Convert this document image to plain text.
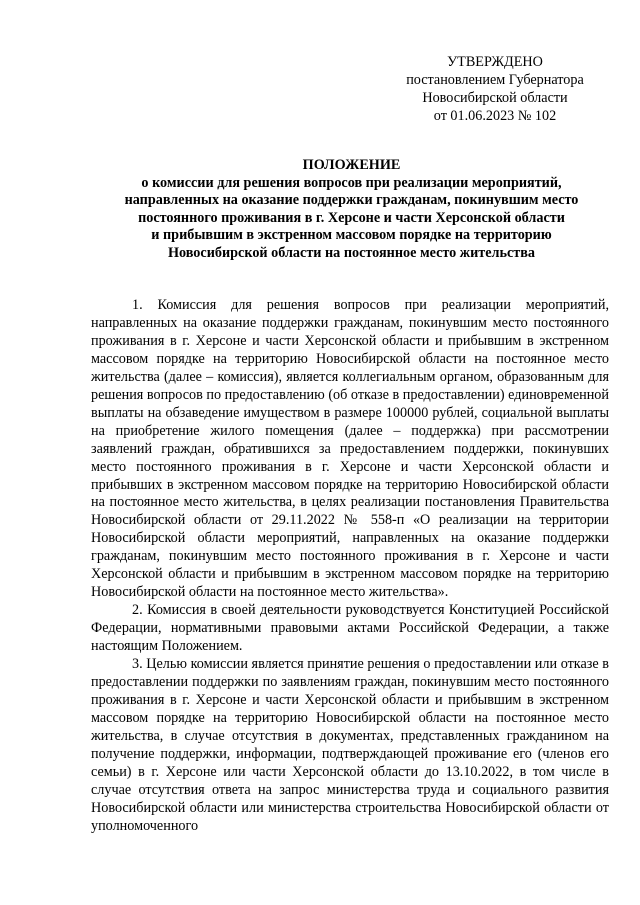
УТВЕРЖДЕНО
постановлением Губернатора
Новосибирской области
от 01.06.2023 № 102
ПОЛОЖЕНИЕ
о комиссии для решения вопросов при реализации мероприятий,
направленных на оказание поддержки гражданам, покинувшим место
постоянного проживания в г. Херсоне и части Херсонской области
и прибывшим в экстренном массовом порядке на территорию
Новосибирской области на постоянное место жительства

1. Комиссия для решения вопросов при реализации мероприятий, направленных на оказание поддержки гражданам, покинувшим место постоянного проживания в г. Херсоне и части Херсонской области и прибывшим в экстренном массовом порядке на территорию Новосибирской области на постоянное место жительства (далее – комиссия), является коллегиальным органом, образованным для решения вопросов по предоставлению (об отказе в предоставлении) единовременной выплаты на обзаведение имуществом в размере 100000 рублей, социальной выплаты на приобретение жилого помещения (далее – поддержка) при рассмотрении заявлений граждан, обратившихся за предоставлением поддержки, покинувших место постоянного проживания в г. Херсоне и части Херсонской области и прибывших в экстренном массовом порядке на территорию Новосибирской области на постоянное место жительства, в целях реализации постановления Правительства Новосибирской области от 29.11.2022 № 558-п «О реализации на территории Новосибирской области мероприятий, направленных на оказание поддержки гражданам, покинувшим место постоянного проживания в г. Херсоне и части Херсонской области и прибывшим в экстренном массовом порядке на территорию Новосибирской области на постоянное место жительства».

2. Комиссия в своей деятельности руководствуется Конституцией Российской Федерации, нормативными правовыми актами Российской Федерации, а также настоящим Положением.

3. Целью комиссии является принятие решения о предоставлении или отказе в предоставлении поддержки по заявлениям граждан, покинувшим место постоянного проживания в г. Херсоне и части Херсонской области и прибывшим в экстренном массовом порядке на территорию Новосибирской области на постоянное место жительства, в случае отсутствия в документах, представленных гражданином на получение поддержки, информации, подтверждающей проживание его (членов его семьи) в г. Херсоне или части Херсонской области до 13.10.2022, в том числе в случае отсутствия ответа на запрос министерства труда и социального развития Новосибирской области или министерства строительства Новосибирской области от уполномоченного
